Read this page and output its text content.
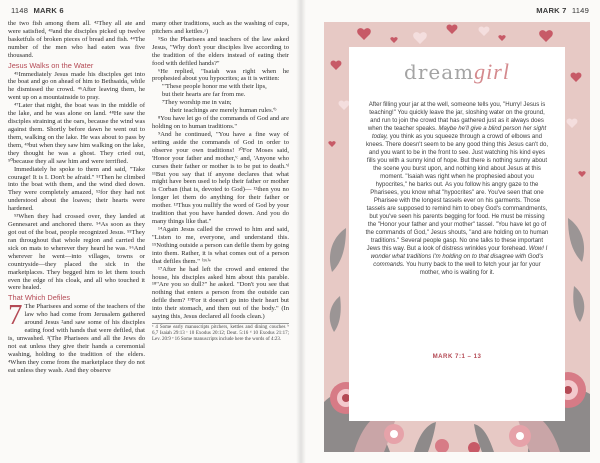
1148 MARK 6

the two fish among them all. ⁴²They all ate and were satisfied, ⁴³and the disciples picked up twelve basketfuls of broken pieces of bread and fish. ⁴⁴The number of the men who had eaten was five thousand.

Jesus Walks on the Water

⁴⁵Immediately Jesus made his disciples get into the boat and go on ahead of him to Bethsaida, while he dismissed the crowd. ⁴⁶After leaving them, he went up on a mountainside to pray.

⁴⁷Later that night, the boat was in the middle of the lake, and he was alone on land. ⁴⁸He saw the disciples straining at the oars, because the wind was against them. Shortly before dawn he went out to them, walking on the lake. He was about to pass by them, ⁴⁹but when they saw him walking on the lake, they thought he was a ghost. They cried out, ⁵⁰because they all saw him and were terrified.

Immediately he spoke to them and said, "Take courage! It is I. Don't be afraid." ⁵¹Then he climbed into the boat with them, and the wind died down. They were completely amazed, ⁵²for they had not understood about the loaves; their hearts were hardened.

⁵³When they had crossed over, they landed at Gennesaret and anchored there. ⁵⁴As soon as they got out of the boat, people recognized Jesus. ⁵⁵They ran throughout that whole region and carried the sick on mats to wherever they heard he was. ⁵⁶And wherever he went—into villages, towns or countryside—they placed the sick in the marketplaces. They begged him to let them touch even the edge of his cloak, and all who touched it were healed.

That Which Defiles

7 The Pharisees and some of the teachers of the law who had come from Jerusalem gathered around Jesus ²and saw some of his disciples eating food with hands that were defiled, that is, unwashed. ³(The Pharisees and all the Jews do not eat unless they give their hands a ceremonial washing, holding to the tradition of the elders. ⁴When they come from the marketplace they do not eat unless they wash. And they observe

many other traditions, such as the washing of cups, pitchers and kettles.ᵃ)

⁵So the Pharisees and teachers of the law asked Jesus, "Why don't your disciples live according to the tradition of the elders instead of eating their food with defiled hands?"

⁶He replied, "Isaiah was right when he prophesied about you hypocrites; as it is written:

"'These people honor me with their lips,

but their hearts are far from me.

⁷They worship me in vain;

their teachings are merely human rules.'ᵇ

⁸You have let go of the commands of God and are holding on to human traditions."

⁹And he continued, "You have a fine way of setting aside the commands of God in order to observe your own traditions! ¹⁰For Moses said, 'Honor your father and mother,'ᶜ and, 'Anyone who curses their father or mother is to be put to death.'ᵈ ¹¹But you say that if anyone declares that what might have been used to help their father or mother is Corban (that is, devoted to God)— ¹²then you no longer let them do anything for their father or mother. ¹³Thus you nullify the word of God by your tradition that you have handed down. And you do many things like that."

¹⁴Again Jesus called the crowd to him and said, "Listen to me, everyone, and understand this. ¹⁵Nothing outside a person can defile them by going into them. Rather, it is what comes out of a person that defiles them." ⁽¹⁶⁾ᵉ

¹⁷After he had left the crowd and entered the house, his disciples asked him about this parable. ¹⁸"Are you so dull?" he asked. "Don't you see that nothing that enters a person from the outside can defile them? ¹⁹For it doesn't go into their heart but into their stomach, and then out of the body." (In saying this, Jesus declared all foods clean.)

ᵃ 4 Some early manuscripts pitchers, kettles and dining couches ᵇ 6,7 Isaiah 29:13 ᶜ 10 Exodus 20:12; Deut. 5:16 ᵈ 10 Exodus 21:17; Lev. 20:9 ᵉ 16 Some manuscripts include here the words of 4:23.

MARK 7 1149
dreamgirl
After filling your jar at the well, someone tells you, "Hurry! Jesus is teaching!" You quickly leave the jar, sloshing water on the ground, and run to join the crowd that has gathered just as it always does when the teacher speaks. Maybe he'll give a blind person her sight today, you think as you squeeze through a crowd of elbows and knees. There doesn't seem to be any good thing this Jesus can't do, and you want to be in the front to see. Just watching his kind eyes fills you with a sunny kind of hope. But there is nothing sunny about the scene you burst upon, and nothing kind about Jesus at this moment. "Isaiah was right when he prophesied about you hypocrites," he barks out. As you follow his angry gaze to the Pharisees, you know what "hypocrites" are. You've seen that one Pharisee with the longest tassels ever on his garments. Those tassels are supposed to remind him to obey God's commandments, but you've seen his parents begging for food. He must be missing the "Honor your father and your mother" tassel. "You have let go of the commands of God," Jesus shouts, "and are holding on to human traditions." Several people gasp. No one talks to these important Jews this way. But a look of distress wrinkles your forehead. Wow! I wonder what traditions I'm holding on to that disagree with God's commands. You hurry back to the well to fetch your jar for your mother, who is waiting for it.
MARK 7:1 – 13
